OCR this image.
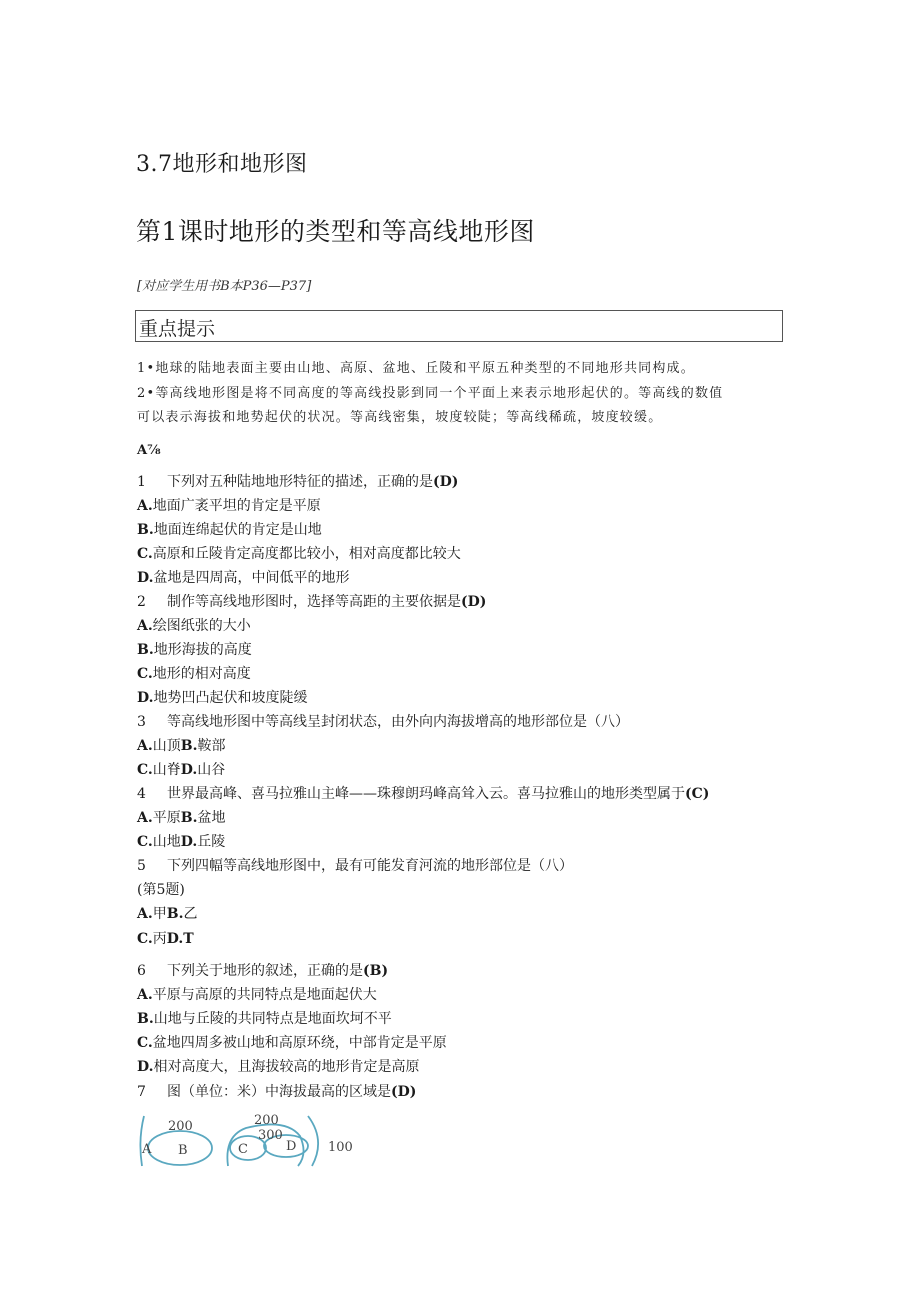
3.7地形和地形图
第1课时地形的类型和等高线地形图
[对应学生用书B本P36—P37]
重点提示
1•地球的陆地表面主要由山地、高原、盆地、丘陵和平原五种类型的不同地形共同构成。
2•等高线地形图是将不同高度的等高线投影到同一个平面上来表示地形起伏的。等高线的数值
可以表示海拔和地势起伏的状况。等高线密集，坡度较陡；等高线稀疏，坡度较缓。
A⅞
1 下列对五种陆地地形特征的描述，正确的是(D)
A.地面广袤平坦的肯定是平原
B.地面连绵起伏的肯定是山地
C.高原和丘陵肯定高度都比较小，相对高度都比较大
D.盆地是四周高，中间低平的地形
2 制作等高线地形图时，选择等高距的主要依据是(D)
A.绘图纸张的大小
B.地形海拔的高度
C.地形的相对高度
D.地势凹凸起伏和坡度陡缓
3 等高线地形图中等高线呈封闭状态，由外向内海拔增高的地形部位是（八）
A.山顶B.鞍部
C.山脊D.山谷
4 世界最高峰、喜马拉雅山主峰——珠穆朗玛峰高耸入云。喜马拉雅山的地形类型属于(C)
A.平原B.盆地
C.山地D.丘陵
5 下列四幅等高线地形图中，最有可能发育河流的地形部位是（八）
(第5题)
A.甲B.乙
C.丙D.T
6 下列关于地形的叙述，正确的是(B)
A.平原与高原的共同特点是地面起伏大
B.山地与丘陵的共同特点是地面坎坷不平
C.盆地四周多被山地和高原环绕，中部肯定是平原
D.相对高度大，且海拔较高的地形肯定是高原
7 图（单位：米）中海拔最高的区域是(D)
200	200
300
100
A B	C	D
